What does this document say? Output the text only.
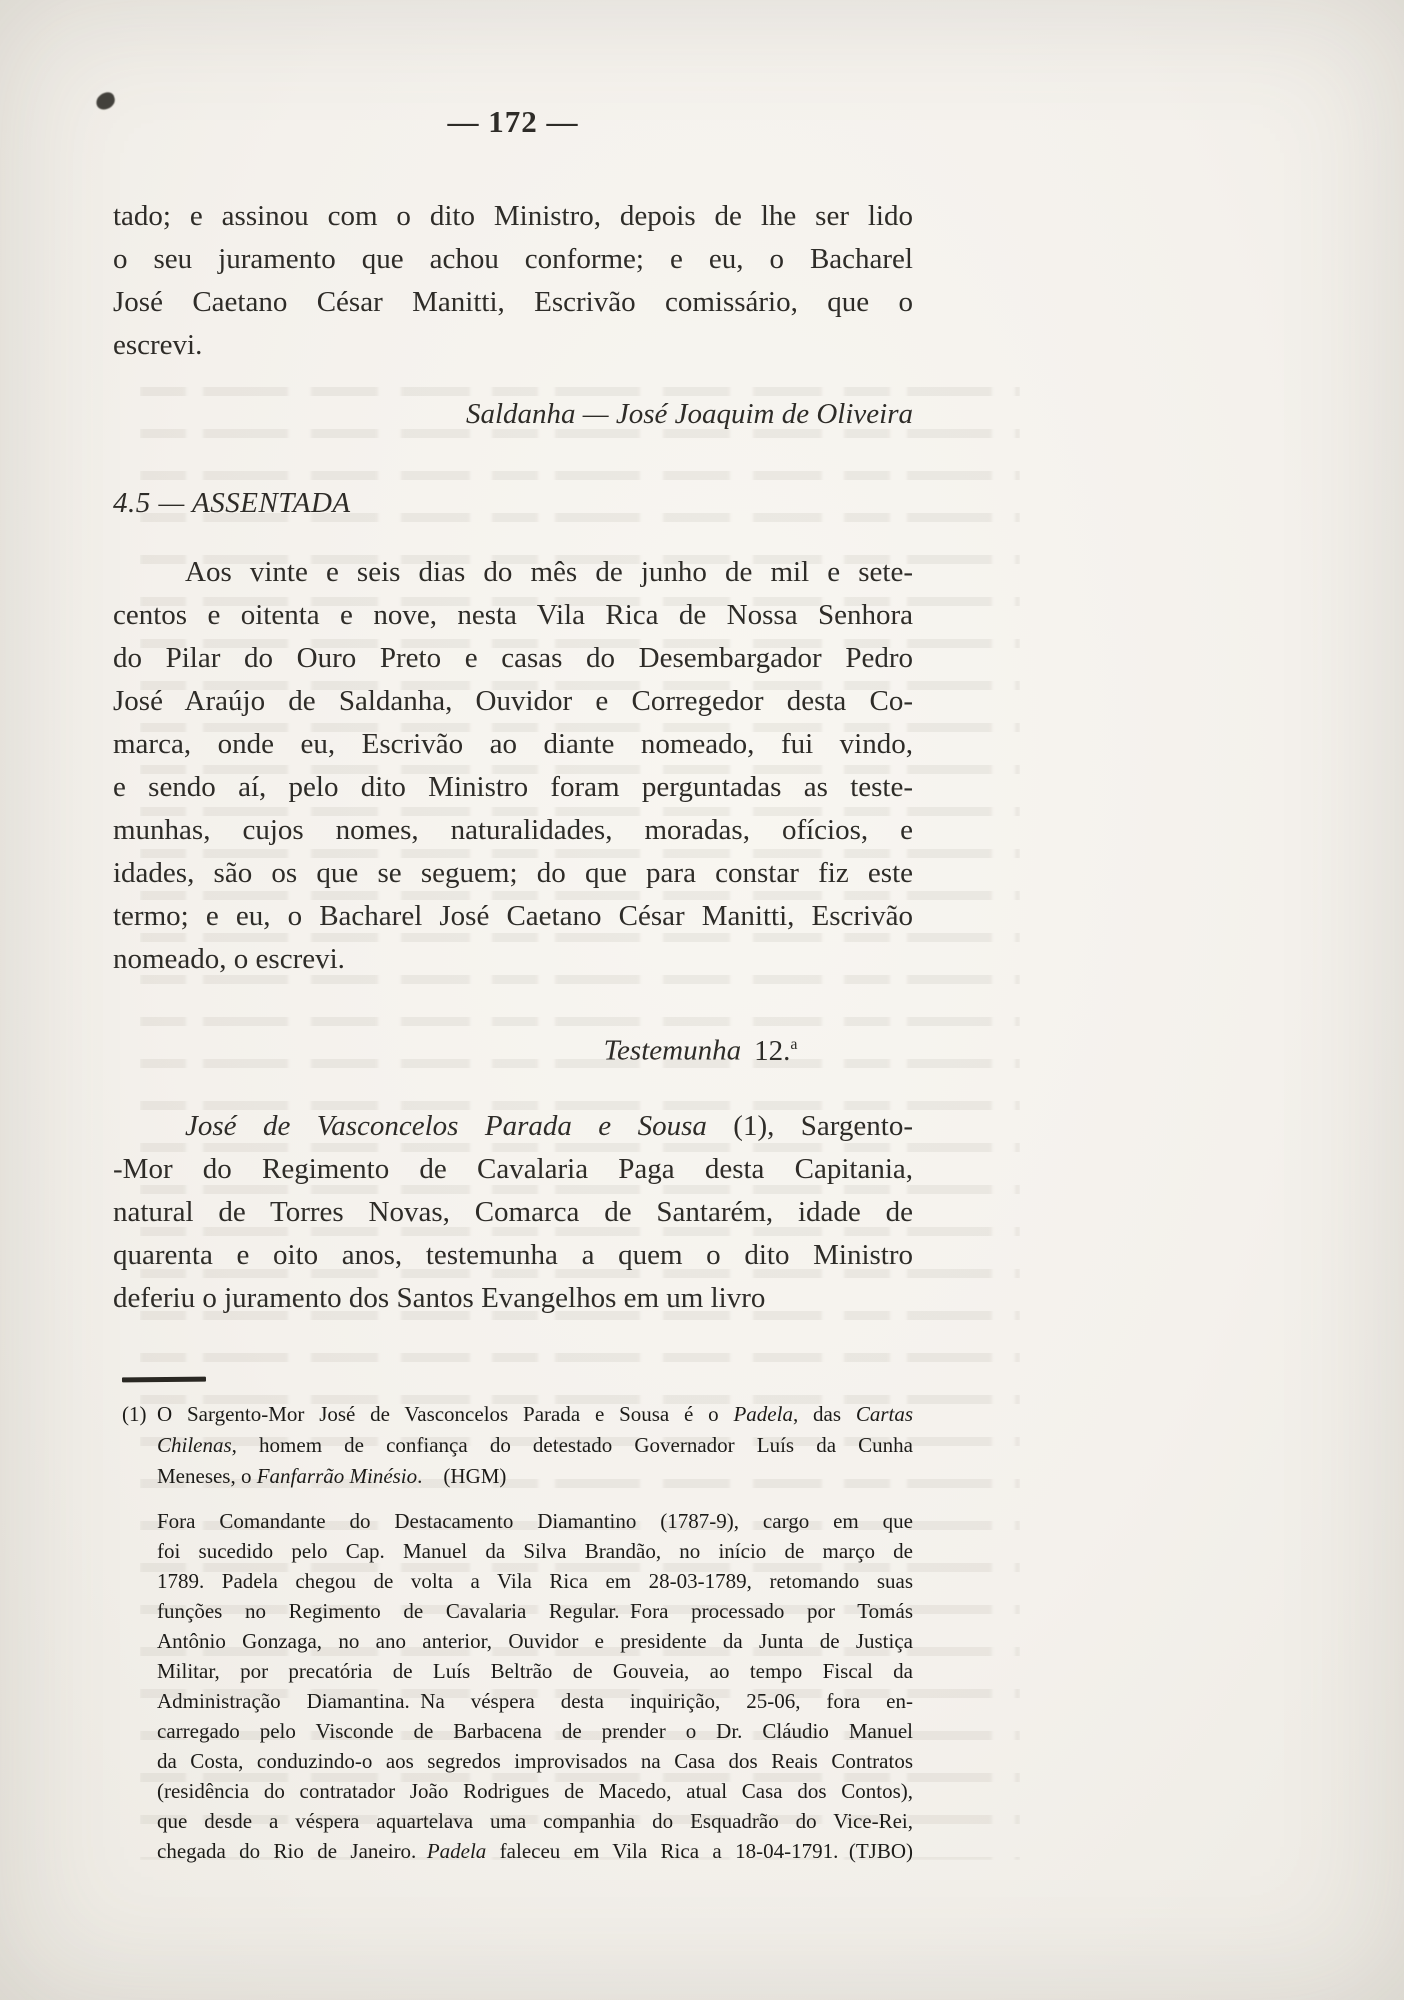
— 172 —
tado; e assinou com o dito Ministro, depois de lhe ser lido
o seu juramento que achou conforme; e eu, o Bacharel
José Caetano César Manitti, Escrivão comissário, que o
escrevi.
Saldanha — José Joaquim de Oliveira
4.5 — ASSENTADA
Aos vinte e seis dias do mês de junho de mil e sete-
centos e oitenta e nove, nesta Vila Rica de Nossa Senhora
do Pilar do Ouro Preto e casas do Desembargador Pedro
José Araújo de Saldanha, Ouvidor e Corregedor desta Co-
marca, onde eu, Escrivão ao diante nomeado, fui vindo,
e sendo aí, pelo dito Ministro foram perguntadas as teste-
munhas, cujos nomes, naturalidades, moradas, ofícios, e
idades, são os que se seguem; do que para constar fiz este
termo; e eu, o Bacharel José Caetano César Manitti, Escrivão
nomeado, o escrevi.
Testemunha 12.$^a$
José de Vasconcelos Parada e Sousa (1), Sargento-
-Mor do Regimento de Cavalaria Paga desta Capitania,
natural de Torres Novas, Comarca de Santarém, idade de
quarenta e oito anos, testemunha a quem o dito Ministro
deferiu o juramento dos Santos Evangelhos em um livro
(1) O Sargento-Mor José de Vasconcelos Parada e Sousa é o Padela, das Cartas
Chilenas, homem de confiança do detestado Governador Luís da Cunha
Meneses, o Fanfarrão Minésio. (HGM)
Fora Comandante do Destacamento Diamantino (1787-9), cargo em que
foi sucedido pelo Cap. Manuel da Silva Brandão, no início de março de
1789. Padela chegou de volta a Vila Rica em 28-03-1789, retomando suas
funções no Regimento de Cavalaria Regular. Fora processado por Tomás
Antônio Gonzaga, no ano anterior, Ouvidor e presidente da Junta de Justiça
Militar, por precatória de Luís Beltrão de Gouveia, ao tempo Fiscal da
Administração Diamantina. Na véspera desta inquirição, 25-06, fora en-
carregado pelo Visconde de Barbacena de prender o Dr. Cláudio Manuel
da Costa, conduzindo-o aos segredos improvisados na Casa dos Reais Contratos
(residência do contratador João Rodrigues de Macedo, atual Casa dos Contos),
que desde a véspera aquartelava uma companhia do Esquadrão do Vice-Rei,
chegada do Rio de Janeiro. Padela faleceu em Vila Rica a 18-04-1791. (TJBO)
